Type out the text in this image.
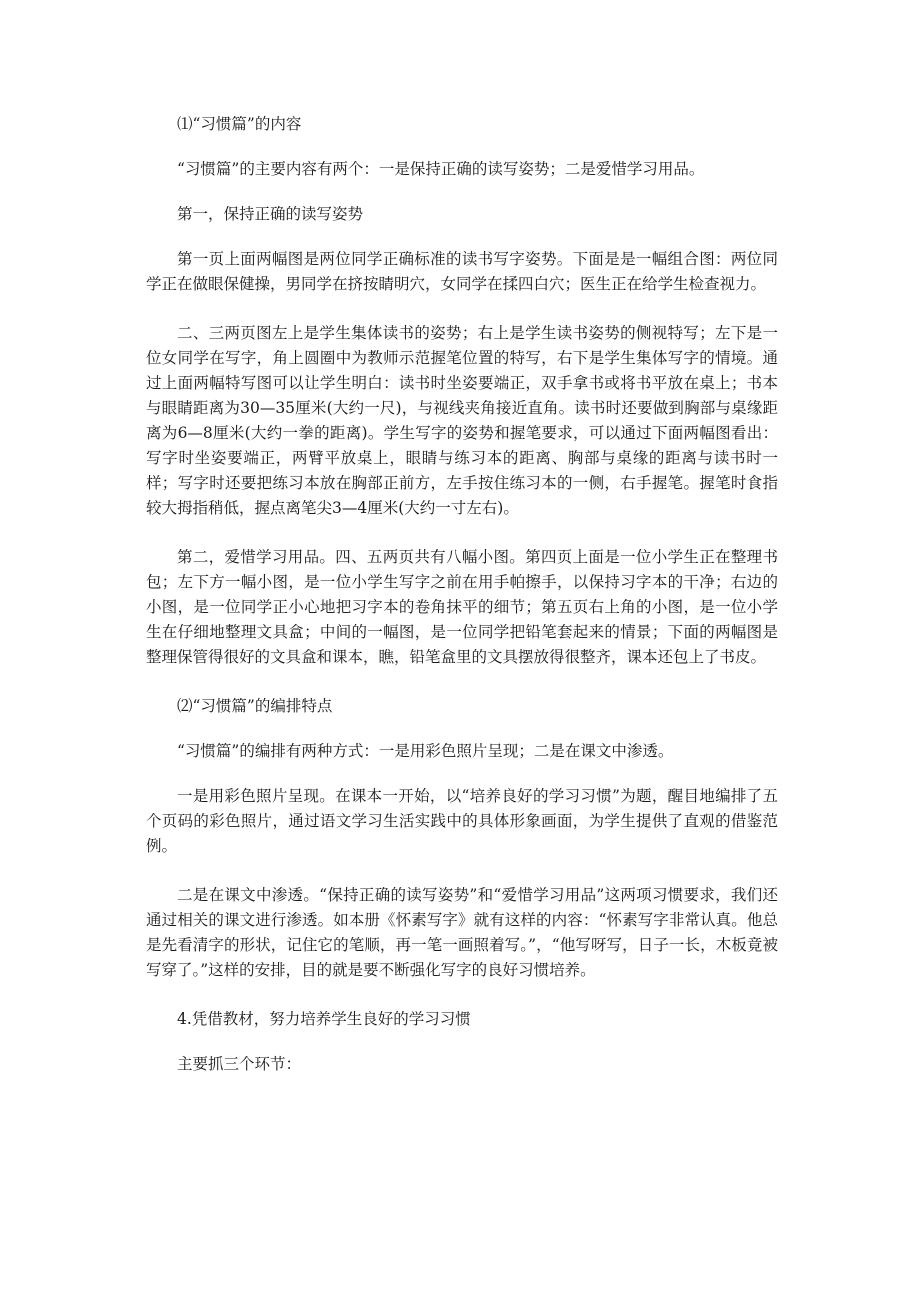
⑴“习惯篇”的内容

“习惯篇”的主要内容有两个：一是保持正确的读写姿势；二是爱惜学习用品。

第一，保持正确的读写姿势

第一页上面两幅图是两位同学正确标准的读书写字姿势。下面是是一幅组合图：两位同学正在做眼保健操，男同学在挤按睛明穴，女同学在揉四白穴；医生正在给学生检查视力。

二、三两页图左上是学生集体读书的姿势；右上是学生读书姿势的侧视特写；左下是一位女同学在写字，角上圆圈中为教师示范握笔位置的特写，右下是学生集体写字的情境。通过上面两幅特写图可以让学生明白：读书时坐姿要端正，双手拿书或将书平放在桌上；书本与眼睛距离为30—35厘米(大约一尺)，与视线夹角接近直角。读书时还要做到胸部与桌缘距离为6—8厘米(大约一拳的距离)。学生写字的姿势和握笔要求，可以通过下面两幅图看出：写字时坐姿要端正，两臂平放桌上，眼睛与练习本的距离、胸部与桌缘的距离与读书时一样；写字时还要把练习本放在胸部正前方，左手按住练习本的一侧，右手握笔。握笔时食指较大拇指稍低，握点离笔尖3—4厘米(大约一寸左右)。

第二，爱惜学习用品。四、五两页共有八幅小图。第四页上面是一位小学生正在整理书包；左下方一幅小图，是一位小学生写字之前在用手帕擦手，以保持习字本的干净；右边的小图，是一位同学正小心地把习字本的卷角抹平的细节；第五页右上角的小图，是一位小学生在仔细地整理文具盒；中间的一幅图，是一位同学把铅笔套起来的情景；下面的两幅图是整理保管得很好的文具盒和课本，瞧，铅笔盒里的文具摆放得很整齐，课本还包上了书皮。

⑵“习惯篇”的编排特点

“习惯篇”的编排有两种方式：一是用彩色照片呈现；二是在课文中渗透。

一是用彩色照片呈现。在课本一开始，以“培养良好的学习习惯”为题，醒目地编排了五个页码的彩色照片，通过语文学习生活实践中的具体形象画面，为学生提供了直观的借鉴范例。

二是在课文中渗透。“保持正确的读写姿势”和“爱惜学习用品”这两项习惯要求，我们还通过相关的课文进行渗透。如本册《怀素写字》就有这样的内容：“怀素写字非常认真。他总是先看清字的形状，记住它的笔顺，再一笔一画照着写。”，“他写呀写，日子一长，木板竟被写穿了。”这样的安排，目的就是要不断强化写字的良好习惯培养。

4.凭借教材，努力培养学生良好的学习习惯

主要抓三个环节：
